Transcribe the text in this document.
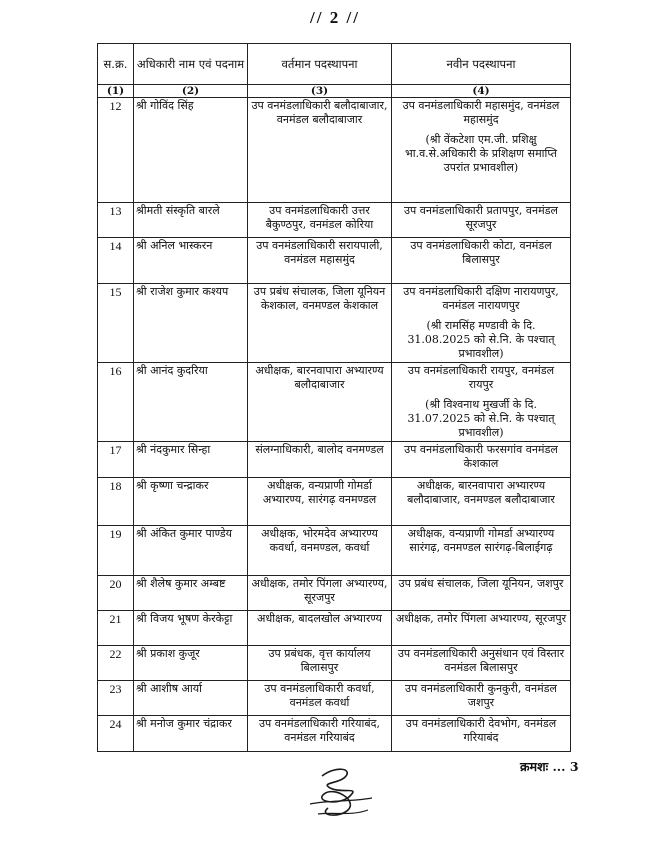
// 2 //
स.क्र.	अधिकारी नाम एवं पदनाम	वर्तमान पदस्थापना	नवीन पदस्थापना
(1)	(2)	(3)	(4)
12	श्री गोविंद सिंह	उप वनमंडलाधिकारी बलौदाबाजार, वनमंडल बलौदाबाजार	उप वनमंडलाधिकारी महासमुंद, वनमंडल महासमुंद
(श्री वेंकटेशा एम.जी. प्रशिक्षु भा.व.से.अधिकारी के प्रशिक्षण समाप्ति उपरांत प्रभावशील)

13	श्रीमती संस्कृति बारले	उप वनमंडलाधिकारी उत्तर बैकुण्ठपुर, वनमंडल कोरिया	उप वनमंडलाधिकारी प्रतापपुर, वनमंडल सूरजपुर
14	श्री अनिल भास्करन	उप वनमंडलाधिकारी सरायपाली, वनमंडल महासमुंद	उप वनमंडलाधिकारी कोटा, वनमंडल बिलासपुर
15	श्री राजेश कुमार कश्यप	उप प्रबंध संचालक, जिला यूनियन केशकाल, वनमण्डल केशकाल	उप वनमंडलाधिकारी दक्षिण नारायणपुर, वनमंडल नारायणपुर
(श्री रामसिंह मण्डावी के दि. 31.08.2025 को से.नि. के पश्चात् प्रभावशील)

16	श्री आनंद कुदरिया	अधीक्षक, बारनवापारा अभ्यारण्य बलौदाबाजार	उप वनमंडलाधिकारी रायपुर, वनमंडल रायपुर
(श्री विश्वनाथ मुखर्जी के दि. 31.07.2025 को से.नि. के पश्चात् प्रभावशील)

17	श्री नंदकुमार सिन्हा	संलग्नाधिकारी, बालोद वनमण्डल	उप वनमंडलाधिकारी फरसगांव वनमंडल केशकाल
18	श्री कृष्णा चन्द्राकर	अधीक्षक, वन्यप्राणी गोमर्डा अभ्यारण्य, सारंगढ़ वनमण्डल	अधीक्षक, बारनवापारा अभ्यारण्य बलौदाबाजार, वनमण्डल बलौदाबाजार
19	श्री अंकित कुमार पाण्डेय	अधीक्षक, भोरमदेव अभ्यारण्य कवर्धा, वनमण्डल, कवर्धा	अधीक्षक, वन्यप्राणी गोमर्डा अभ्यारण्य सारंगढ़, वनमण्डल सारंगढ़-बिलाईगढ़
20	श्री शैलेष कुमार अम्बष्ट	अधीक्षक, तमोर पिंगला अभ्यारण्य, सूरजपुर	उप प्रबंध संचालक, जिला यूनियन, जशपुर
21	श्री विजय भूषण केरकेट्टा	अधीक्षक, बादलखोल अभ्यारण्य	अधीक्षक, तमोर पिंगला अभ्यारण्य, सूरजपुर
22	श्री प्रकाश कुजूर	उप प्रबंधक, वृत्त कार्यालय बिलासपुर	उप वनमंडलाधिकारी अनुसंधान एवं विस्तार वनमंडल बिलासपुर
23	श्री आशीष आर्या	उप वनमंडलाधिकारी कवर्धा, वनमंडल कवर्धा	उप वनमंडलाधिकारी कुनकुरी, वनमंडल जशपुर
24	श्री मनोज कुमार चंद्राकर	उप वनमंडलाधिकारी गरियाबंद, वनमंडल गरियाबंद	उप वनमंडलाधिकारी देवभोग, वनमंडल गरियाबंद
क्रमशः ... 3
